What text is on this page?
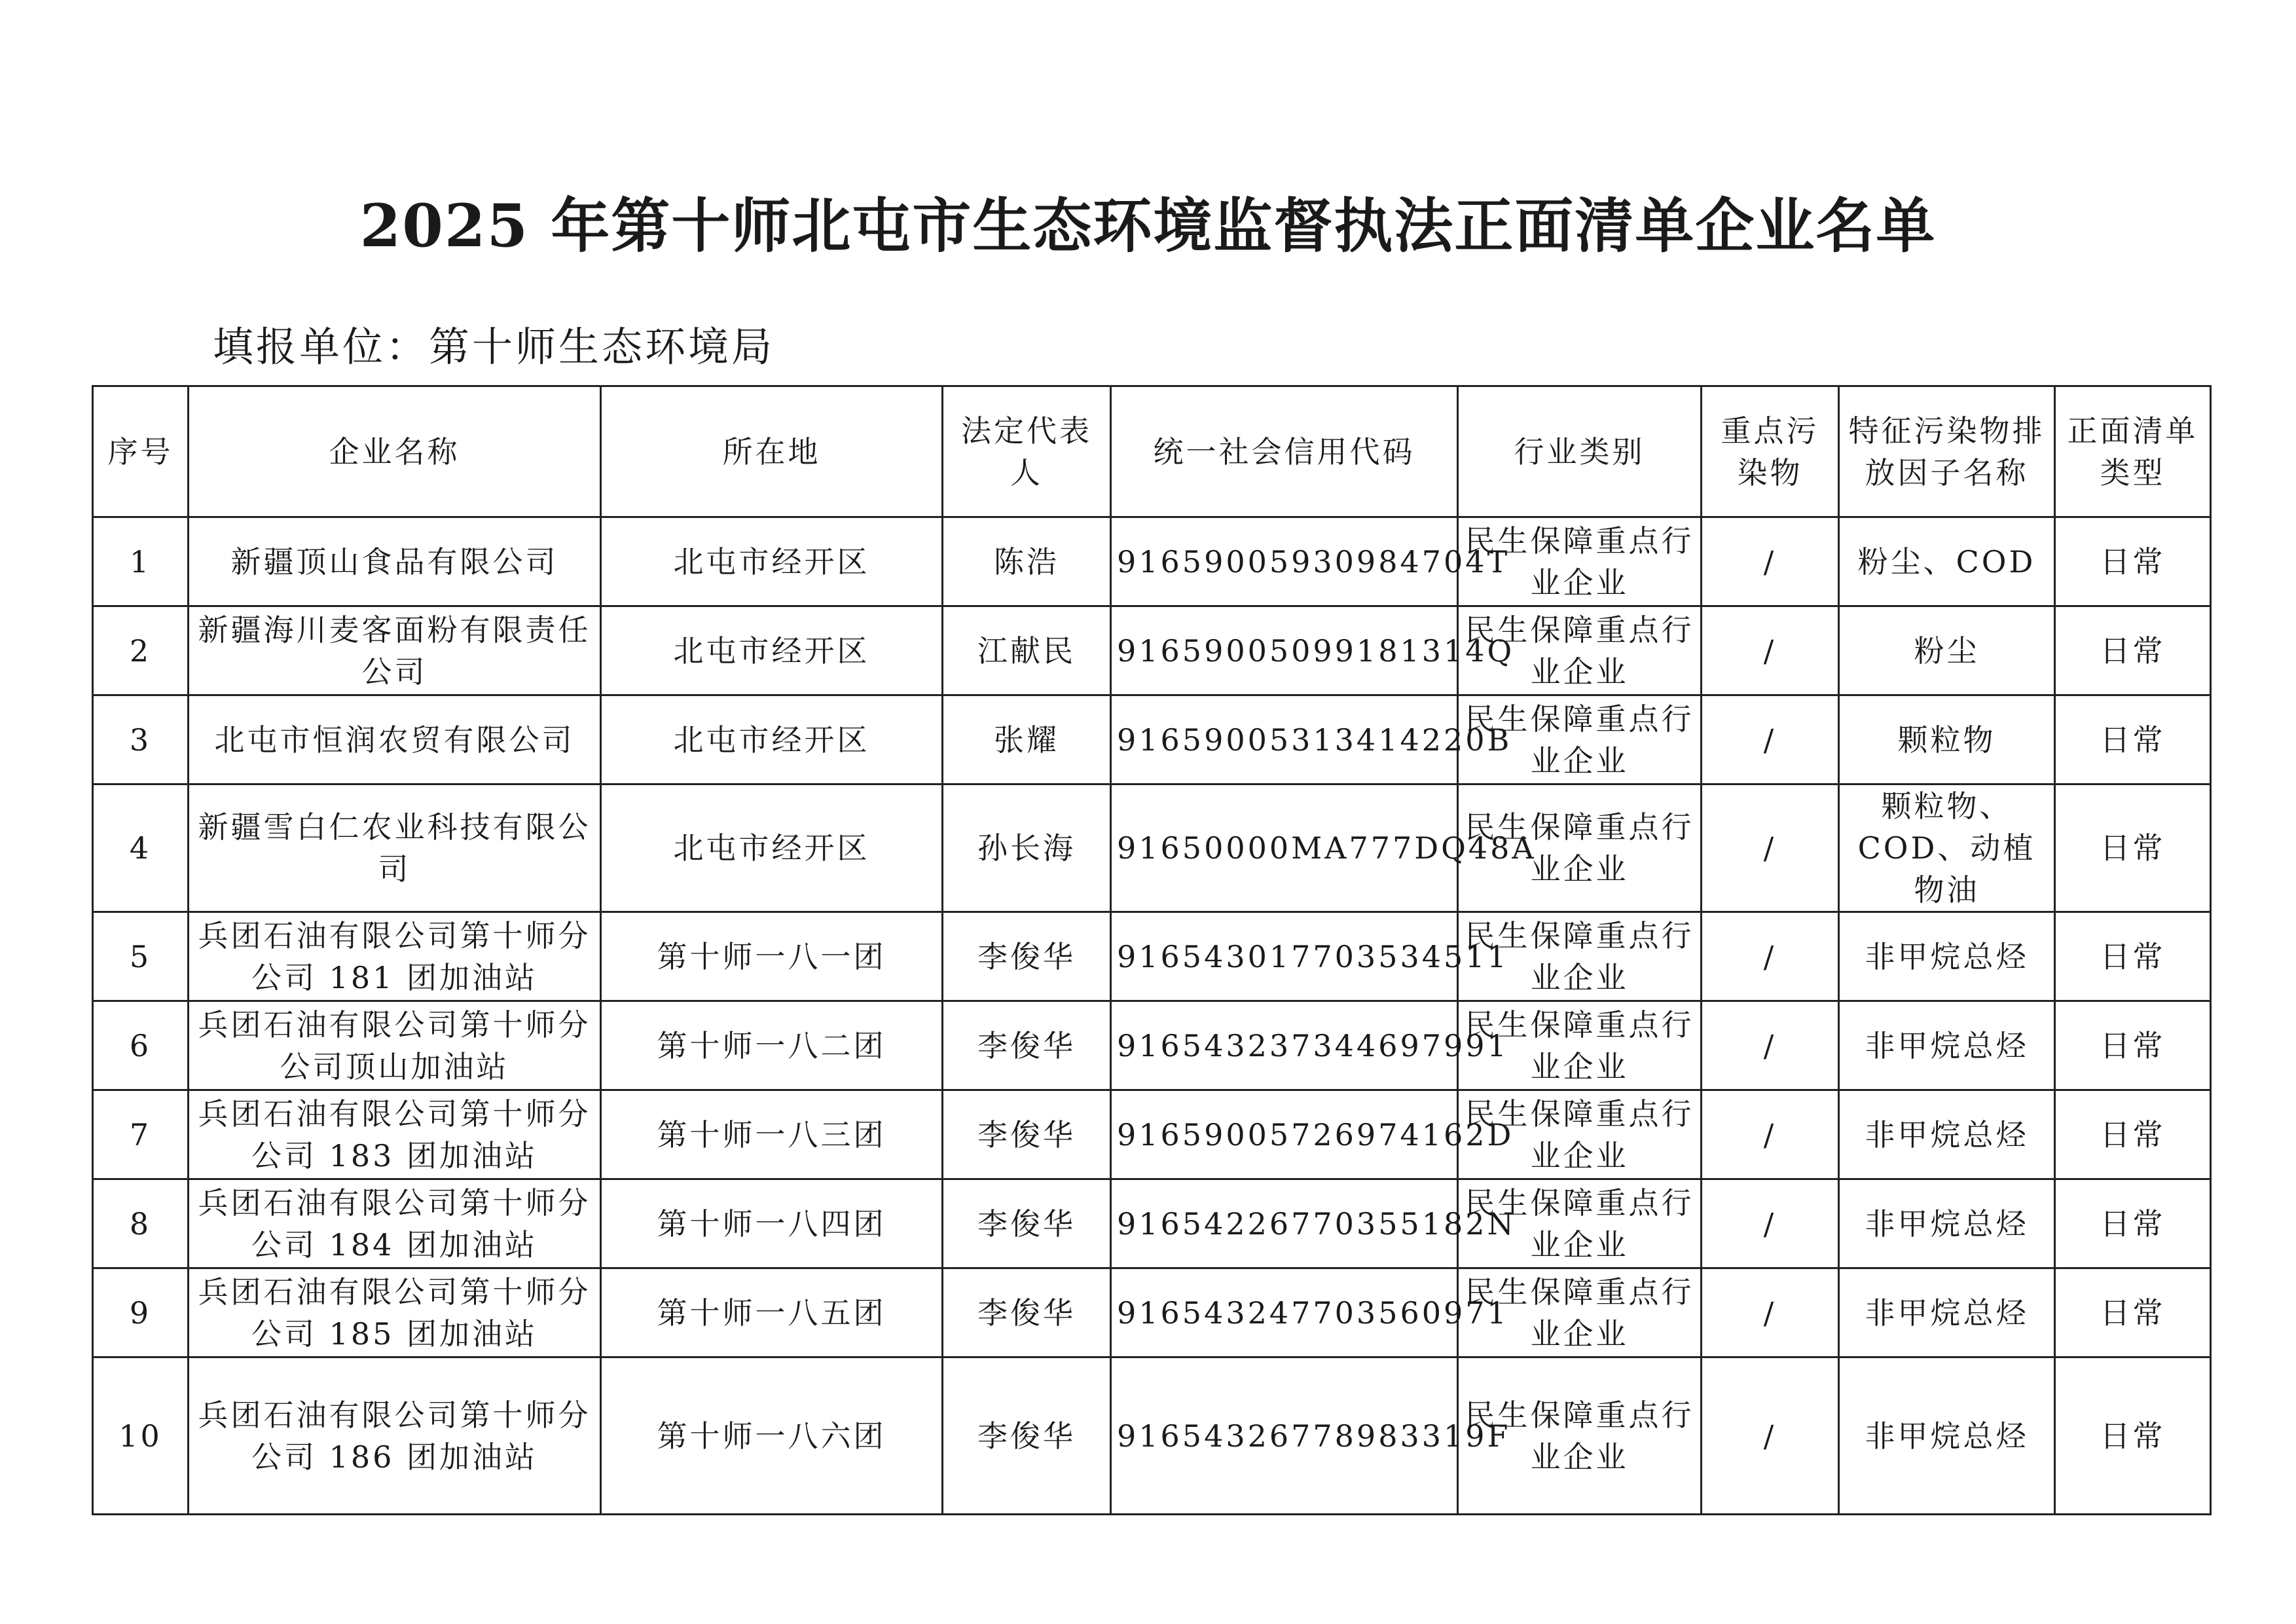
2025 年第十师北屯市生态环境监督执法正面清单企业名单
填报单位：第十师生态环境局
序号	企业名称	所在地	法定代表人	统一社会信用代码	行业类别	重点污染物	特征污染物排放因子名称	正面清单类型
1	新疆顶山食品有限公司	北屯市经开区	陈浩	91659005930984704T	民生保障重点行业企业	/	粉尘、COD	日常
2	新疆海川麦客面粉有限责任公司	北屯市经开区	江献民	91659005099181314Q	民生保障重点行业企业	/	粉尘	日常
3	北屯市恒润农贸有限公司	北屯市经开区	张耀	91659005313414220B	民生保障重点行业企业	/	颗粒物	日常
4	新疆雪白仁农业科技有限公司	北屯市经开区	孙长海	91650000MA777DQ48A	民生保障重点行业企业	/	颗粒物、COD、动植物油	日常
5	兵团石油有限公司第十师分公司 181 团加油站	第十师一八一团	李俊华	916543017703534511	民生保障重点行业企业	/	非甲烷总烃	日常
6	兵团石油有限公司第十师分公司顶山加油站	第十师一八二团	李俊华	916543237344697991	民生保障重点行业企业	/	非甲烷总烃	日常
7	兵团石油有限公司第十师分公司 183 团加油站	第十师一八三团	李俊华	91659005726974162D	民生保障重点行业企业	/	非甲烷总烃	日常
8	兵团石油有限公司第十师分公司 184 团加油站	第十师一八四团	李俊华	91654226770355182N	民生保障重点行业企业	/	非甲烷总烃	日常
9	兵团石油有限公司第十师分公司 185 团加油站	第十师一八五团	李俊华	916543247703560971	民生保障重点行业企业	/	非甲烷总烃	日常
10	兵团石油有限公司第十师分公司 186 团加油站	第十师一八六团	李俊华	91654326778983319F	民生保障重点行业企业	/	非甲烷总烃	日常
